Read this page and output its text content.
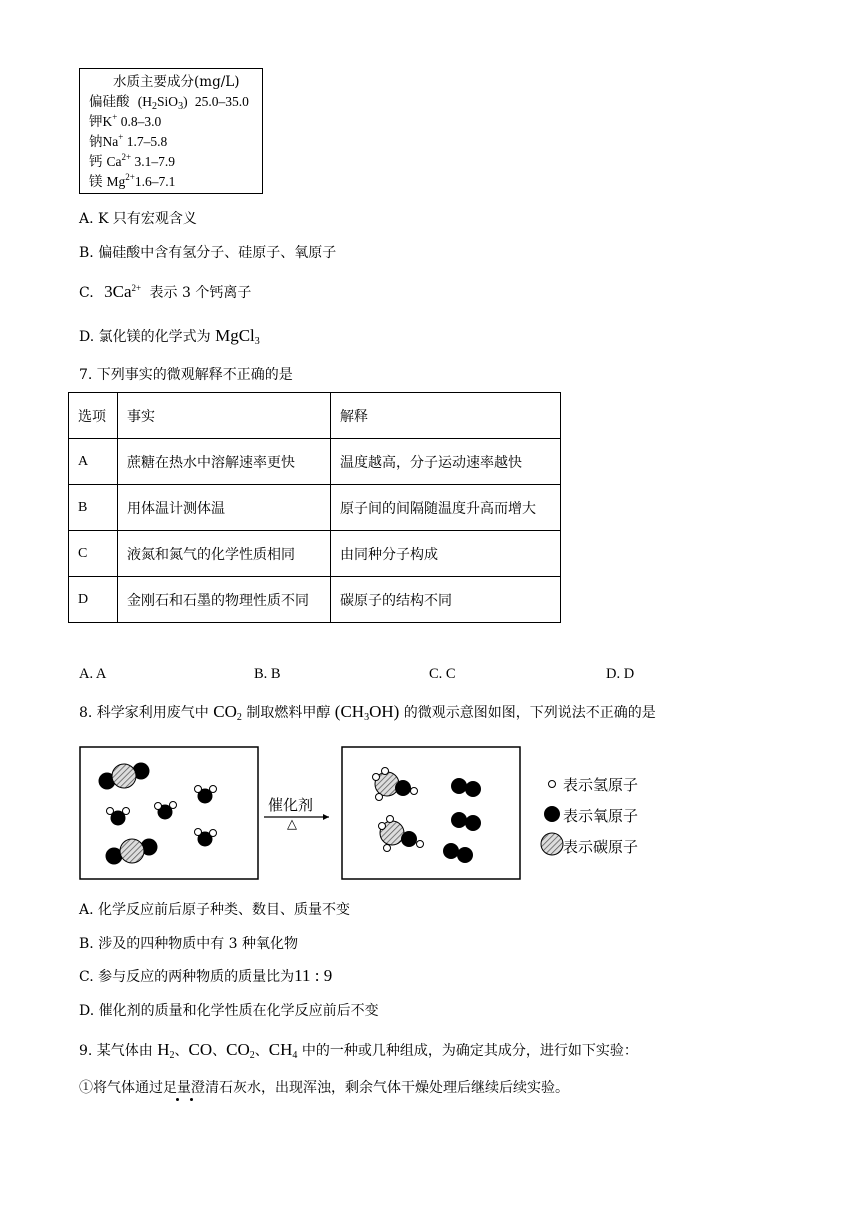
水质主要成分(mg/L)
偏硅酸 $(H_2SiO_3)$ 25.0–35.0
钾K+ 0.8–3.0
钠Na+ 1.7–5.8
钙 $Ca^{2+}$ 3.1–7.9
镁 $Mg^{2+}1.6-7.1$
A. K 只有宏观含义
B. 偏硅酸中含有氢分子、硅原子、氧原子
C. $3Ca^{2+}$ 表示 3 个钙离子
D. 氯化镁的化学式为 MgCl$_3$
7. 下列事实的微观解释不正确的是
选项	事实	解释
A	蔗糖在热水中溶解速率更快	温度越高，分子运动速率越快
B	用体温计测体温	原子间的间隔随温度升高而增大
C	液氮和氮气的化学性质相同	由同种分子构成
D	金刚石和石墨的物理性质不同	碳原子的结构不同
A. A	B. B	C. C	D. D
8. 科学家利用废气中 $CO_2$ 制取燃料甲醇 $(CH_3OH)$ 的微观示意图如图，下列说法不正确的是
催化剂
△
表示氢原子
表示氧原子
表示碳原子
A. 化学反应前后原子种类、数目、质量不变
B. 涉及的四种物质中有 3 种氧化物
C. 参与反应的两种物质的质量比为11 : 9
D. 催化剂的质量和化学性质在化学反应前后不变
9. 某气体由 $H_2$、CO、$CO_2$、$CH_4$ 中的一种或几种组成，为确定其成分，进行如下实验：
①将气体通过足量澄清石灰水，出现浑浊，剩余气体干燥处理后继续后续实验。
